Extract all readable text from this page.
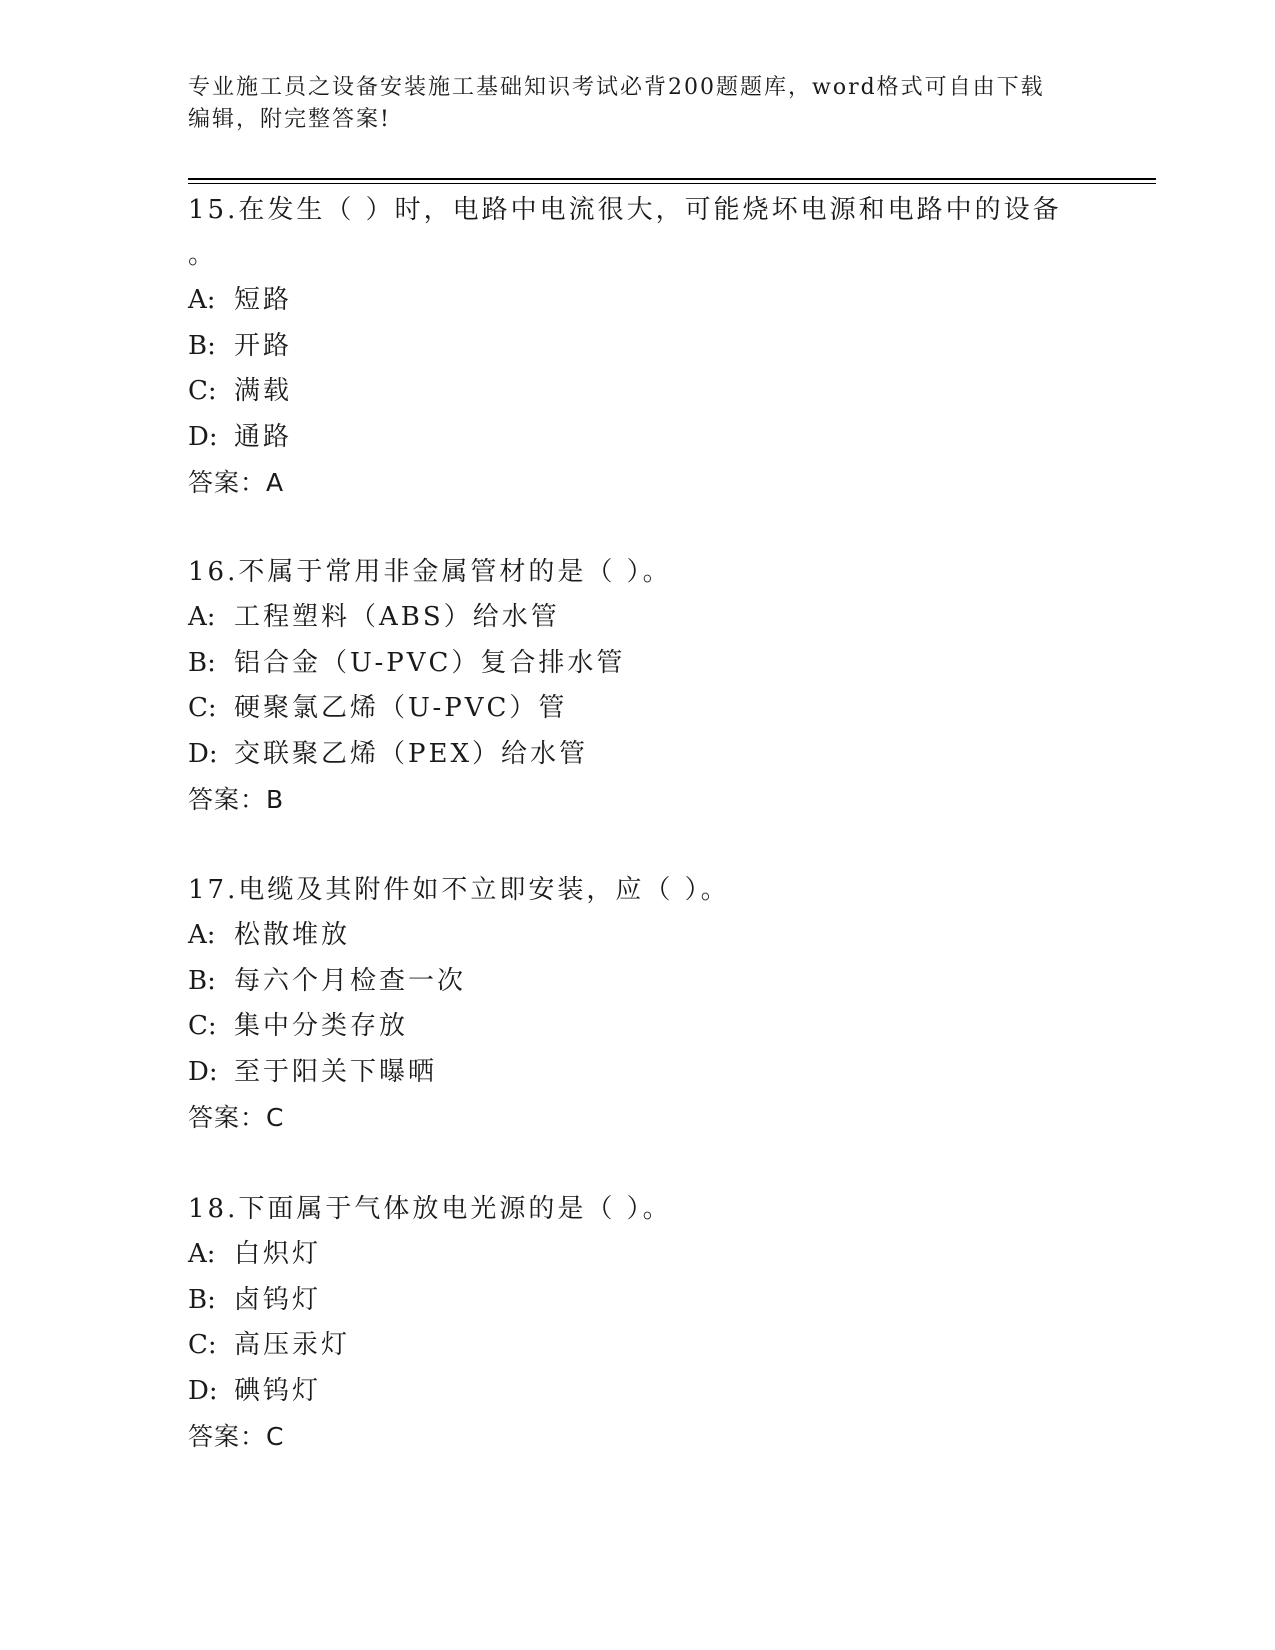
专业施工员之设备安装施工基础知识考试必背200题题库，word格式可自由下载
编辑，附完整答案!
15.在发生（ ）时，电路中电流很大，可能烧坏电源和电路中的设备
。
A: 短路
B: 开路
C: 满载
D: 通路
答案：A
16.不属于常用非金属管材的是（ ）。
A: 工程塑料（ABS）给水管
B: 铝合金（U-PVC）复合排水管
C: 硬聚氯乙烯（U-PVC）管
D: 交联聚乙烯（PEX）给水管
答案：B
17.电缆及其附件如不立即安装，应（ ）。
A: 松散堆放
B: 每六个月检查一次
C: 集中分类存放
D: 至于阳关下曝晒
答案：C
18.下面属于气体放电光源的是（ ）。
A: 白炽灯
B: 卤钨灯
C: 高压汞灯
D: 碘钨灯
答案：C
